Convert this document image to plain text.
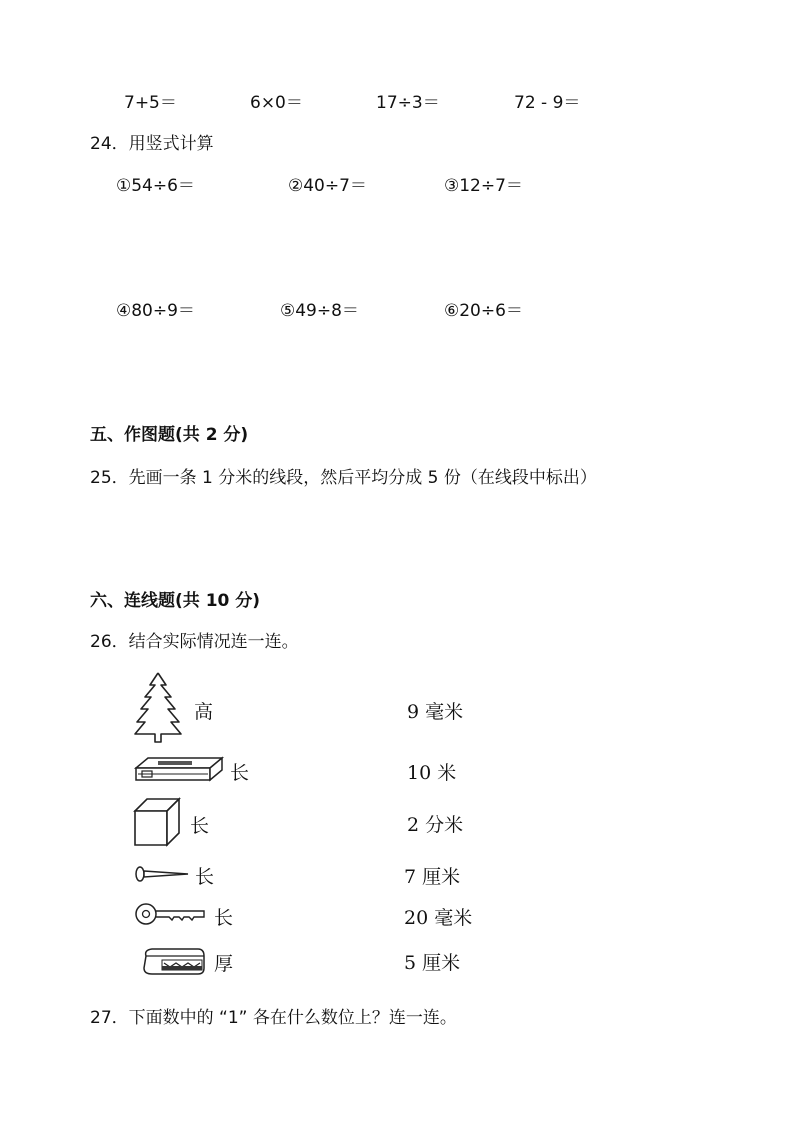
7+5＝	6×0＝	17÷3＝	72 - 9＝
24．用竖式计算
①54÷6＝	②40÷7＝	③12÷7＝
④80÷9＝	⑤49÷8＝	⑥20÷6＝
五、作图题(共 2 分)
25．先画一条 1 分米的线段，然后平均分成 5 份（在线段中标出）
六、连线题(共 10 分)
26．结合实际情况连一连。
高
长
长
长
长
厚
9 毫米
10 米
2 分米
7 厘米
20 毫米
5 厘米
27．下面数中的 “1” 各在什么数位上？连一连。
